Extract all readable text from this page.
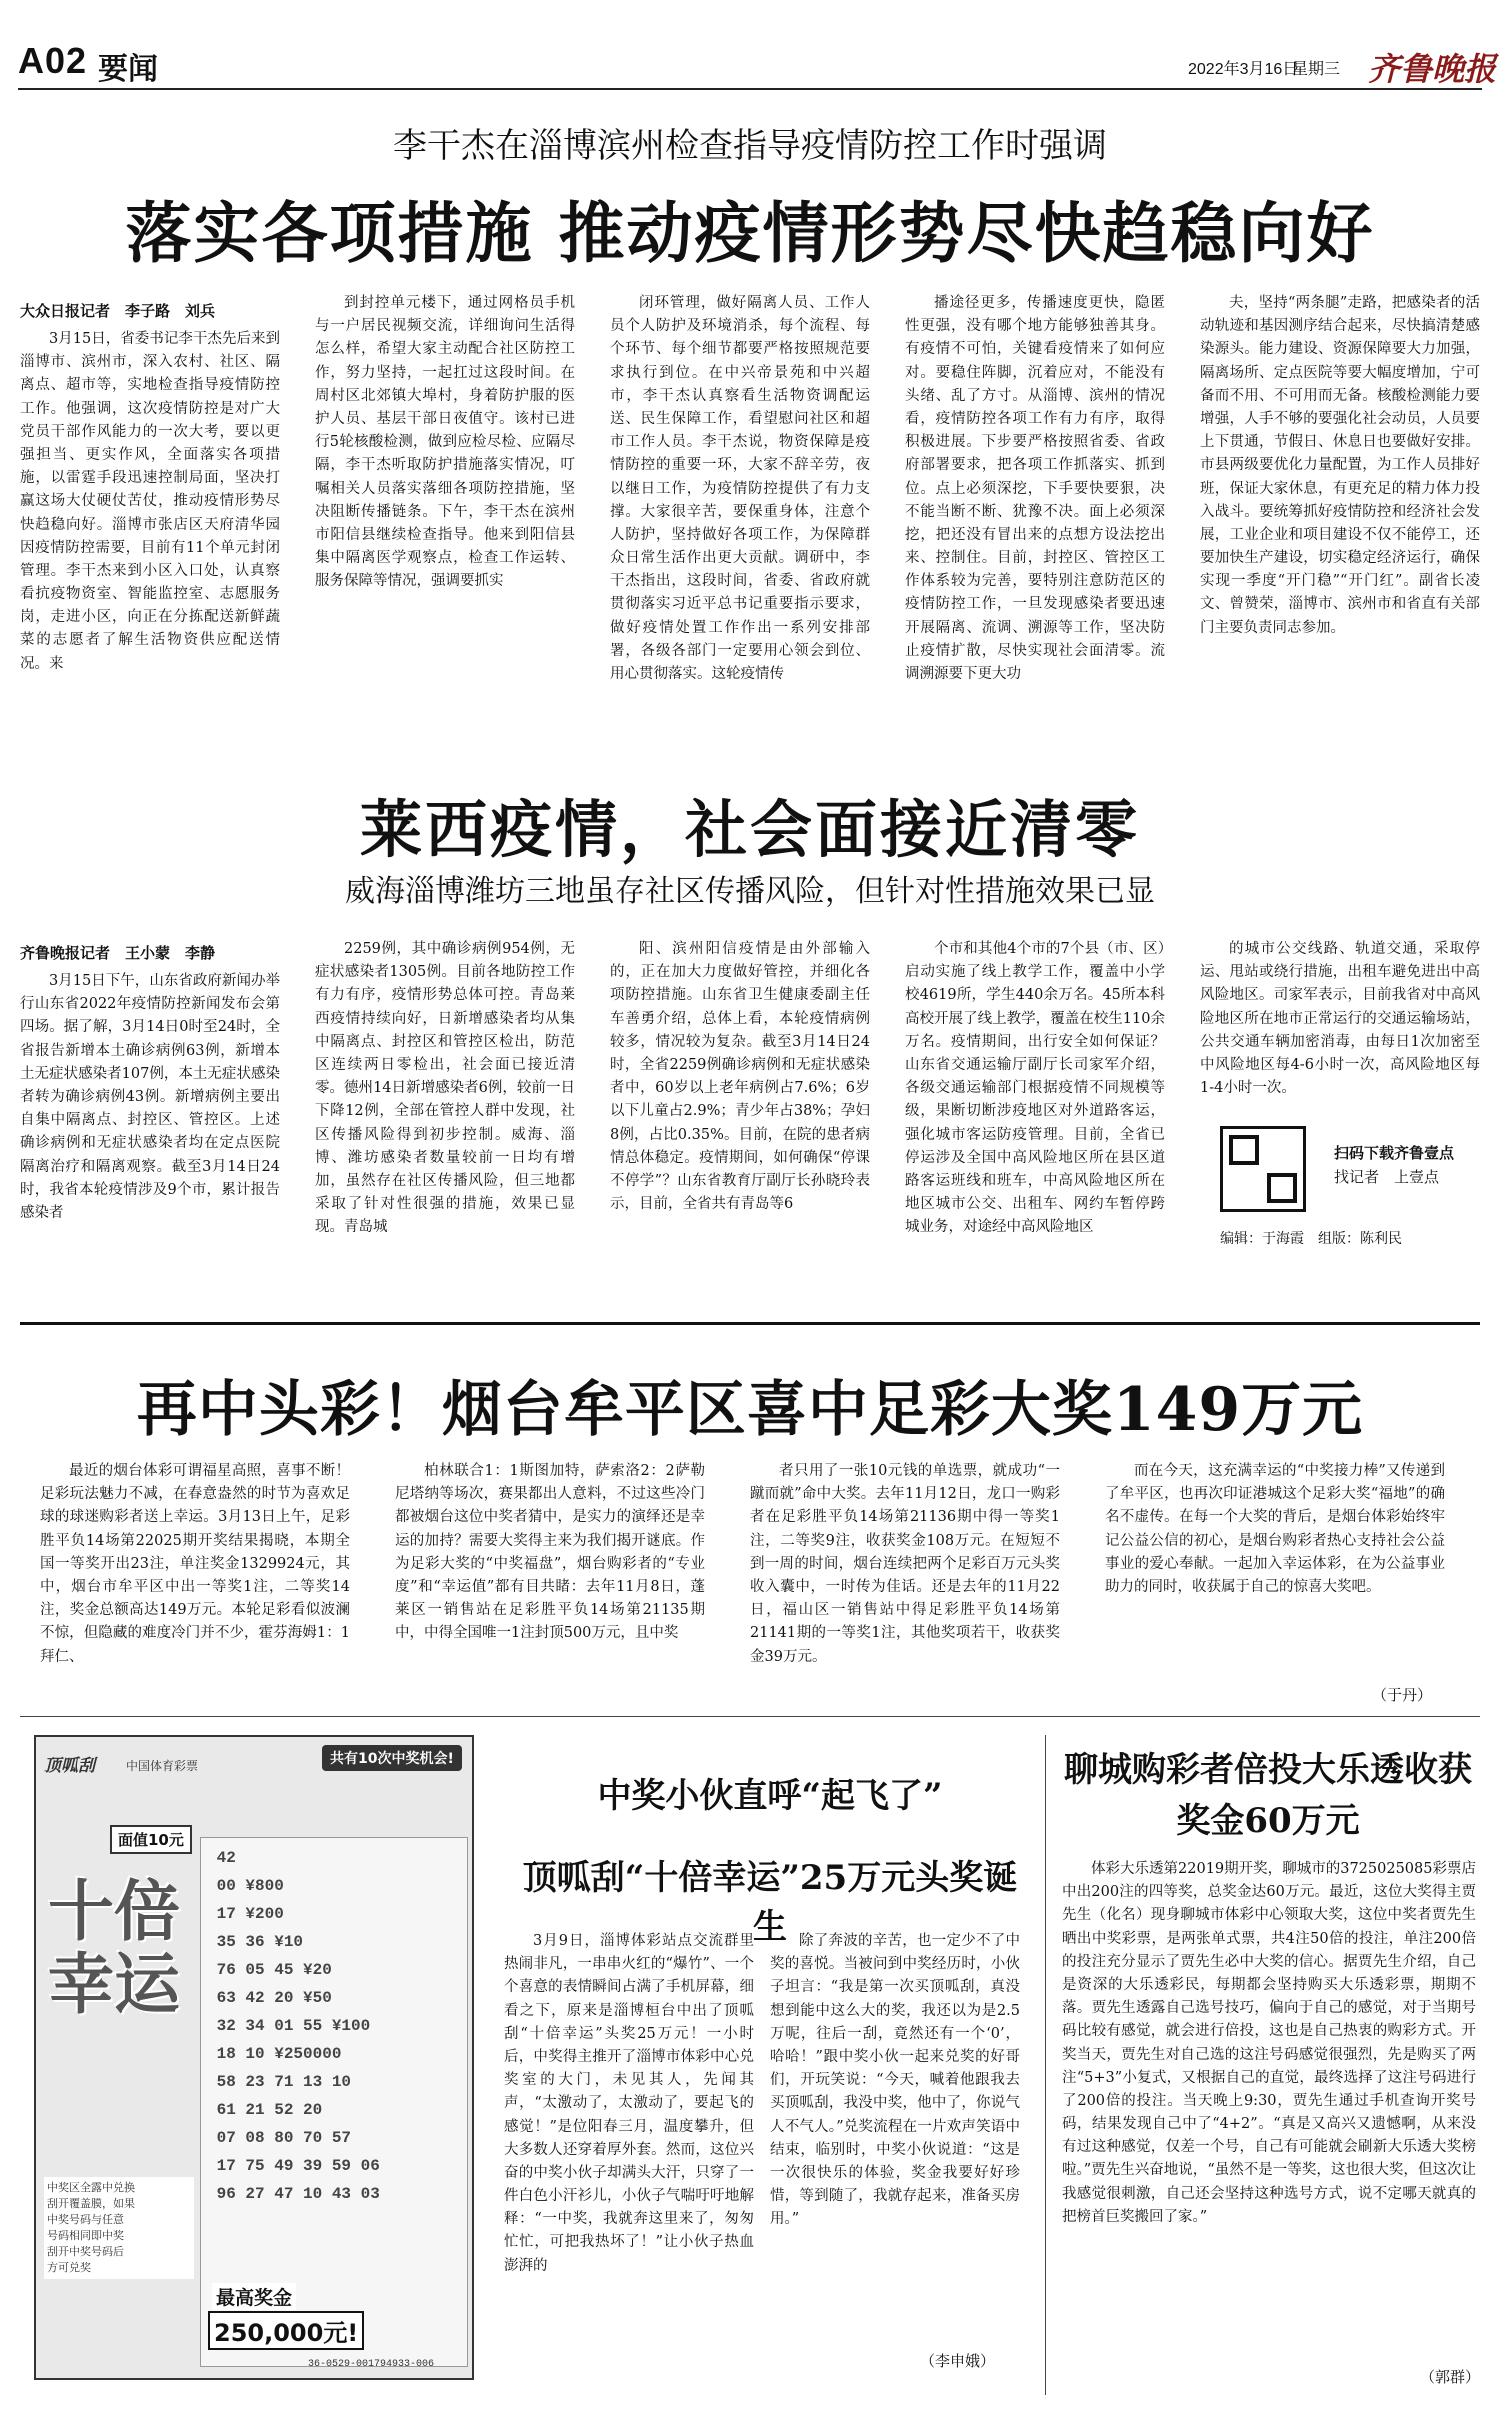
A02 要闻	2022年3月16日
星期三 齐鲁晚报
李干杰在淄博滨州检查指导疫情防控工作时强调
落实各项措施 推动疫情形势尽快趋稳向好
大众日报记者　李子路　刘兵

3月15日，省委书记李干杰先后来到淄博市、滨州市，深入农村、社区、隔离点、超市等，实地检查指导疫情防控工作。他强调，这次疫情防控是对广大党员干部作风能力的一次大考，要以更强担当、更实作风，全面落实各项措施，以雷霆手段迅速控制局面，坚决打赢这场大仗硬仗苦仗，推动疫情形势尽快趋稳向好。淄博市张店区天府清华园因疫情防控需要，目前有11个单元封闭管理。李干杰来到小区入口处，认真察看抗疫物资室、智能监控室、志愿服务岗，走进小区，向正在分拣配送新鲜蔬菜的志愿者了解生活物资供应配送情况。来

到封控单元楼下，通过网格员手机与一户居民视频交流，详细询问生活得怎么样，希望大家主动配合社区防控工作，努力坚持，一起扛过这段时间。在周村区北郊镇大埠村，身着防护服的医护人员、基层干部日夜值守。该村已进行5轮核酸检测，做到应检尽检、应隔尽隔，李干杰听取防护措施落实情况，叮嘱相关人员落实落细各项防控措施，坚决阻断传播链条。下午，李干杰在滨州市阳信县继续检查指导。他来到阳信县集中隔离医学观察点，检查工作运转、服务保障等情况，强调要抓实

闭环管理，做好隔离人员、工作人员个人防护及环境消杀，每个流程、每个环节、每个细节都要严格按照规范要求执行到位。在中兴帝景苑和中兴超市，李干杰认真察看生活物资调配运送、民生保障工作，看望慰问社区和超市工作人员。李干杰说，物资保障是疫情防控的重要一环，大家不辞辛劳，夜以继日工作，为疫情防控提供了有力支撑。大家很辛苦，要保重身体，注意个人防护，坚持做好各项工作，为保障群众日常生活作出更大贡献。调研中，李干杰指出，这段时间，省委、省政府就贯彻落实习近平总书记重要指示要求，做好疫情处置工作作出一系列安排部署，各级各部门一定要用心领会到位、用心贯彻落实。这轮疫情传

播途径更多，传播速度更快，隐匿性更强，没有哪个地方能够独善其身。有疫情不可怕，关键看疫情来了如何应对。要稳住阵脚，沉着应对，不能没有头绪、乱了方寸。从淄博、滨州的情况看，疫情防控各项工作有力有序，取得积极进展。下步要严格按照省委、省政府部署要求，把各项工作抓落实、抓到位。点上必须深挖，下手要快要狠，决不能当断不断、犹豫不决。面上必须深挖，把还没有冒出来的点想方设法挖出来、控制住。目前，封控区、管控区工作体系较为完善，要特别注意防范区的疫情防控工作，一旦发现感染者要迅速开展隔离、流调、溯源等工作，坚决防止疫情扩散，尽快实现社会面清零。流调溯源要下更大功

夫，坚持“两条腿”走路，把感染者的活动轨迹和基因测序结合起来，尽快搞清楚感染源头。能力建设、资源保障要大力加强，隔离场所、定点医院等要大幅度增加，宁可备而不用、不可用而无备。核酸检测能力要增强，人手不够的要强化社会动员，人员要上下贯通，节假日、休息日也要做好安排。市县两级要优化力量配置，为工作人员排好班，保证大家休息，有更充足的精力体力投入战斗。要统筹抓好疫情防控和经济社会发展，工业企业和项目建设不仅不能停工，还要加快生产建设，切实稳定经济运行，确保实现一季度“开门稳”“开门红”。副省长凌文、曾赞荣，淄博市、滨州市和省直有关部门主要负责同志参加。

莱西疫情，社会面接近清零
威海淄博潍坊三地虽存社区传播风险，但针对性措施效果已显
齐鲁晚报记者　王小蒙　李静

3月15日下午，山东省政府新闻办举行山东省2022年疫情防控新闻发布会第四场。据了解，3月14日0时至24时，全省报告新增本土确诊病例63例，新增本土无症状感染者107例，本土无症状感染者转为确诊病例43例。新增病例主要出自集中隔离点、封控区、管控区。上述确诊病例和无症状感染者均在定点医院隔离治疗和隔离观察。截至3月14日24时，我省本轮疫情涉及9个市，累计报告感染者

2259例，其中确诊病例954例，无症状感染者1305例。目前各地防控工作有力有序，疫情形势总体可控。青岛莱西疫情持续向好，日新增感染者均从集中隔离点、封控区和管控区检出，防范区连续两日零检出，社会面已接近清零。德州14日新增感染者6例，较前一日下降12例，全部在管控人群中发现，社区传播风险得到初步控制。威海、淄博、潍坊感染者数量较前一日均有增加，虽然存在社区传播风险，但三地都采取了针对性很强的措施，效果已显现。青岛城

阳、滨州阳信疫情是由外部输入的，正在加大力度做好管控，并细化各项防控措施。山东省卫生健康委副主任车善勇介绍，总体上看，本轮疫情病例较多，情况较为复杂。截至3月14日24时，全省2259例确诊病例和无症状感染者中，60岁以上老年病例占7.6%；6岁以下儿童占2.9%；青少年占38%；孕妇8例，占比0.35%。目前，在院的患者病情总体稳定。疫情期间，如何确保“停课不停学”？山东省教育厅副厅长孙晓玲表示，目前，全省共有青岛等6

个市和其他4个市的7个县（市、区）启动实施了线上教学工作，覆盖中小学校4619所，学生440余万名。45所本科高校开展了线上教学，覆盖在校生110余万名。疫情期间，出行安全如何保证？山东省交通运输厅副厅长司家军介绍，各级交通运输部门根据疫情不同规模等级，果断切断涉疫地区对外道路客运，强化城市客运防疫管理。目前，全省已停运涉及全国中高风险地区所在县区道路客运班线和班车，中高风险地区所在地区城市公交、出租车、网约车暂停跨城业务，对途经中高风险地区

的城市公交线路、轨道交通，采取停运、甩站或绕行措施，出租车避免进出中高风险地区。司家军表示，目前我省对中高风险地区所在地市正常运行的交通运输场站，公共交通车辆加密消毒，由每日1次加密至中风险地区每4-6小时一次，高风险地区每1-4小时一次。

扫码下载齐鲁壹点
找记者　上壹点
编辑：于海霞　组版：陈利民
再中头彩！烟台牟平区喜中足彩大奖149万元

最近的烟台体彩可谓福星高照，喜事不断！足彩玩法魅力不减，在春意盎然的时节为喜欢足球的球迷购彩者送上幸运。3月13日上午，足彩胜平负14场第22025期开奖结果揭晓，本期全国一等奖开出23注，单注奖金1329924元，其中，烟台市牟平区中出一等奖1注，二等奖14注，奖金总额高达149万元。本轮足彩看似波澜不惊，但隐藏的难度冷门并不少，霍芬海姆1：1拜仁、

柏林联合1：1斯图加特，萨索洛2：2萨勒尼塔纳等场次，赛果都出人意料，不过这些冷门都被烟台这位中奖者猜中，是实力的演绎还是幸运的加持？需要大奖得主来为我们揭开谜底。作为足彩大奖的“中奖福盘”，烟台购彩者的“专业度”和“幸运值”都有目共睹：去年11月8日，蓬莱区一销售站在足彩胜平负14场第21135期中，中得全国唯一1注封顶500万元，且中奖

者只用了一张10元钱的单选票，就成功“一蹴而就”命中大奖。去年11月12日，龙口一购彩者在足彩胜平负14场第21136期中得一等奖1注，二等奖9注，收获奖金108万元。在短短不到一周的时间，烟台连续把两个足彩百万元头奖收入囊中，一时传为佳话。还是去年的11月22日，福山区一销售站中得足彩胜平负14场第21141期的一等奖1注，其他奖项若干，收获奖金39万元。

而在今天，这充满幸运的“中奖接力棒”又传递到了牟平区，也再次印证港城这个足彩大奖“福地”的确名不虚传。在每一个大奖的背后，是烟台体彩始终牢记公益公信的初心，是烟台购彩者热心支持社会公益事业的爱心奉献。一起加入幸运体彩，在为公益事业助力的同时，收获属于自己的惊喜大奖吧。

（于丹）
顶呱刮	中国体育彩票	共有10次中奖机会!
面值10元
十倍幸运
中奖区全露中兑换
刮开覆盖膜，如果
中奖号码与任意
号码相同即中奖
刮开中奖号码后
方可兑奖
42
00 ¥800
17 ¥200
35 36 ¥10
76 05 45 ¥20
63 42 20 ¥50
32 34 01 55 ¥100
18 10 ¥250000
58 23 71 13 10
61 21 52 20
07 08 80 70 57
17 75 49 39 59 06
96 27 47 10 43 03
最高奖金
250,000元!
36-0529-001794933-006
中奖小伙直呼“起飞了”
顶呱刮“十倍幸运”25万元头奖诞生

3月9日，淄博体彩站点交流群里热闹非凡，一串串火红的“爆竹”、一个个喜意的表情瞬间占满了手机屏幕，细看之下，原来是淄博桓台中出了顶呱刮“十倍幸运”头奖25万元！一小时后，中奖得主推开了淄博市体彩中心兑奖室的大门，未见其人，先闻其声，“太激动了，太激动了，要起飞的感觉！”是位阳春三月，温度攀升，但大多数人还穿着厚外套。然而，这位兴奋的中奖小伙子却满头大汗，只穿了一件白色小汗衫儿，小伙子气喘吁吁地解释：“一中奖，我就奔这里来了，匆匆忙忙，可把我热坏了！”让小伙子热血澎湃的

除了奔波的辛苦，也一定少不了中奖的喜悦。当被问到中奖经历时，小伙子坦言：“我是第一次买顶呱刮，真没想到能中这么大的奖，我还以为是2.5万呢，往后一刮，竟然还有一个‘0’，哈哈！”跟中奖小伙一起来兑奖的好哥们，开玩笑说：“今天，喊着他跟我去买顶呱刮，我没中奖，他中了，你说气人不气人。”兑奖流程在一片欢声笑语中结束，临别时，中奖小伙说道：“这是一次很快乐的体验，奖金我要好好珍惜，等到随了，我就存起来，准备买房用。”

（李申娥）
聊城购彩者倍投大乐透收获奖金60万元

体彩大乐透第22019期开奖，聊城市的3725025085彩票店中出200注的四等奖，总奖金达60万元。最近，这位大奖得主贾先生（化名）现身聊城市体彩中心领取大奖，这位中奖者贾先生晒出中奖彩票，是两张单式票，共4注50倍的投注，单注200倍的投注充分显示了贾先生必中大奖的信心。据贾先生介绍，自己是资深的大乐透彩民，每期都会坚持购买大乐透彩票，期期不落。贾先生透露自己选号技巧，偏向于自己的感觉，对于当期号码比较有感觉，就会进行倍投，这也是自己热衷的购彩方式。开奖当天，贾先生对自己选的这注号码感觉很强烈，先是购买了两注“5+3”小复式，又根据自己的直觉，最终选择了这注号码进行了200倍的投注。当天晚上9:30，贾先生通过手机查询开奖号码，结果发现自己中了“4+2”。“真是又高兴又遗憾啊，从来没有过这种感觉，仅差一个号，自己有可能就会刷新大乐透大奖榜啦。”贾先生兴奋地说，“虽然不是一等奖，这也很大奖，但这次让我感觉很刺激，自己还会坚持这种选号方式，说不定哪天就真的把榜首巨奖搬回了家。”

（郭群）
